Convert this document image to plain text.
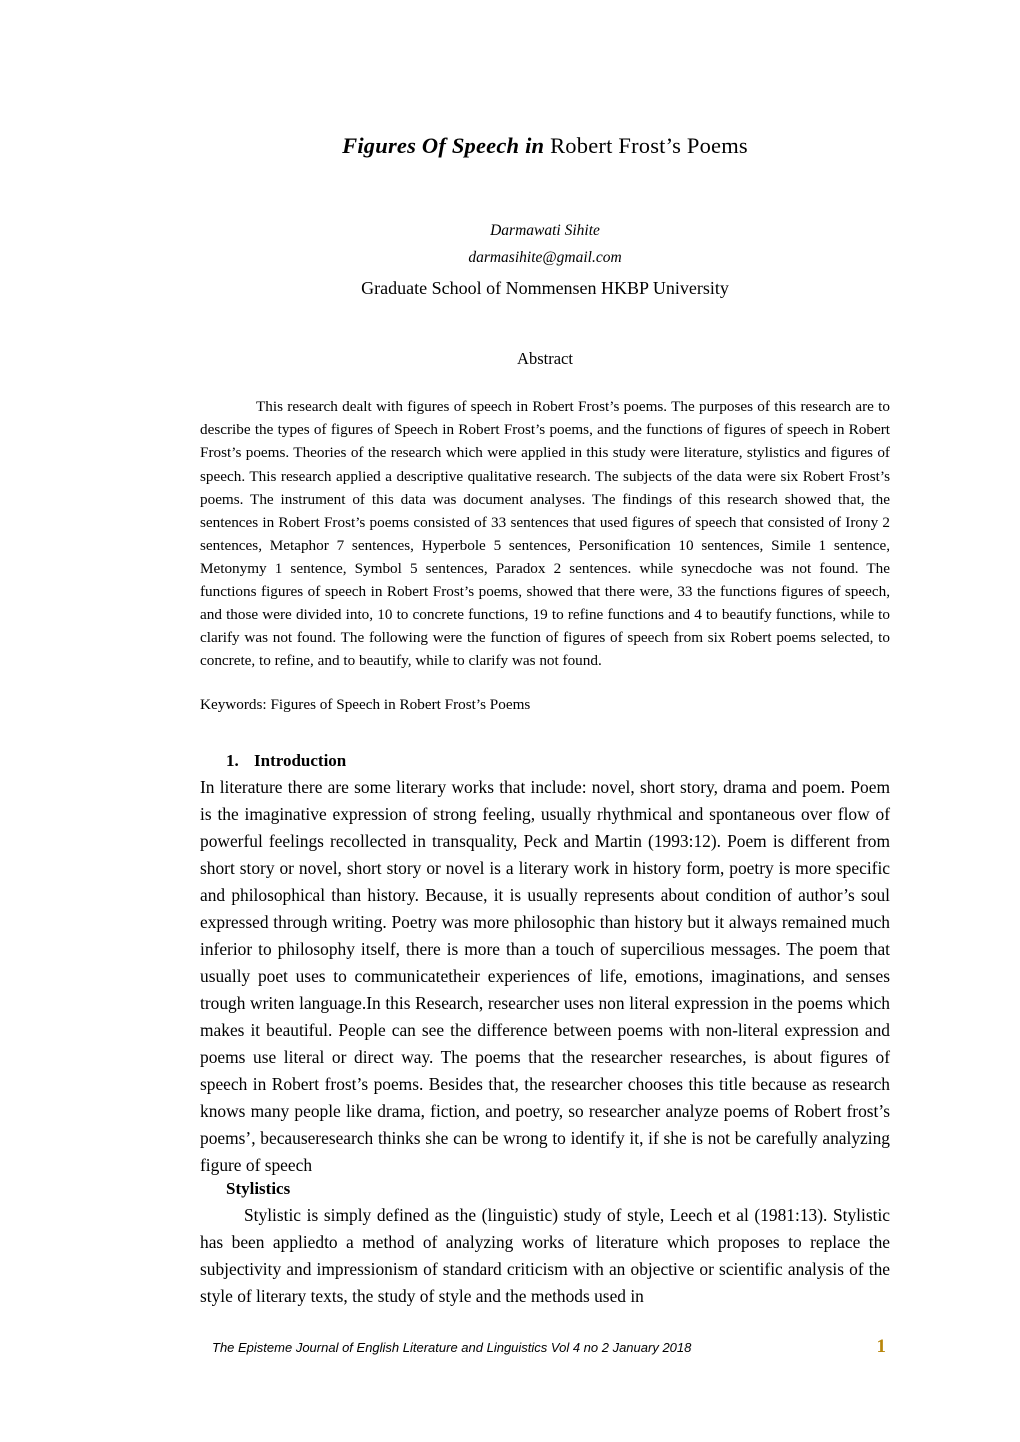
Figures Of Speech in Robert Frost’s Poems
Darmawati Sihite
darmasihite@gmail.com
Graduate School of Nommensen HKBP University
Abstract
This research dealt with figures of speech in Robert Frost’s poems. The purposes of this research are to describe the types of figures of Speech in Robert Frost’s poems, and the functions of figures of speech in Robert Frost’s poems. Theories of the research which were applied in this study were literature, stylistics and figures of speech. This research applied a descriptive qualitative research. The subjects of the data were six Robert Frost’s poems. The instrument of this data was document analyses. The findings of this research showed that, the sentences in Robert Frost’s poems consisted of 33 sentences that used figures of speech that consisted of Irony 2 sentences, Metaphor 7 sentences, Hyperbole 5 sentences, Personification 10 sentences, Simile 1 sentence, Metonymy 1 sentence, Symbol 5 sentences, Paradox 2 sentences. while synecdoche was not found. The functions figures of speech in Robert Frost’s poems, showed that there were, 33 the functions figures of speech, and those were divided into, 10 to concrete functions, 19 to refine functions and 4 to beautify functions, while to clarify was not found. The following were the function of figures of speech from six Robert poems selected, to concrete, to refine, and to beautify, while to clarify was not found.
Keywords: Figures of Speech in Robert Frost’s Poems
1. Introduction
In literature there are some literary works that include: novel, short story, drama and poem. Poem is the imaginative expression of strong feeling, usually rhythmical and spontaneous over flow of powerful feelings recollected in transquality, Peck and Martin (1993:12). Poem is different from short story or novel, short story or novel is a literary work in history form, poetry is more specific and philosophical than history. Because, it is usually represents about condition of author’s soul expressed through writing. Poetry was more philosophic than history but it always remained much inferior to philosophy itself, there is more than a touch of supercilious messages. The poem that usually poet uses to communicatetheir experiences of life, emotions, imaginations, and senses trough writen language.In this Research, researcher uses non literal expression in the poems which makes it beautiful. People can see the difference between poems with non-literal expression and poems use literal or direct way. The poems that the researcher researches, is about figures of speech in Robert frost’s poems. Besides that, the researcher chooses this title because as research knows many people like drama, fiction, and poetry, so researcher analyze poems of Robert frost’s poems’, becauseresearch thinks she can be wrong to identify it, if she is not be carefully analyzing figure of speech
Stylistics
Stylistic is simply defined as the (linguistic) study of style, Leech et al (1981:13). Stylistic has been appliedto a method of analyzing works of literature which proposes to replace the subjectivity and impressionism of standard criticism with an objective or scientific analysis of the style of literary texts, the study of style and the methods used in
The Episteme Journal of English Literature and Linguistics Vol 4 no 2 January 2018	1
